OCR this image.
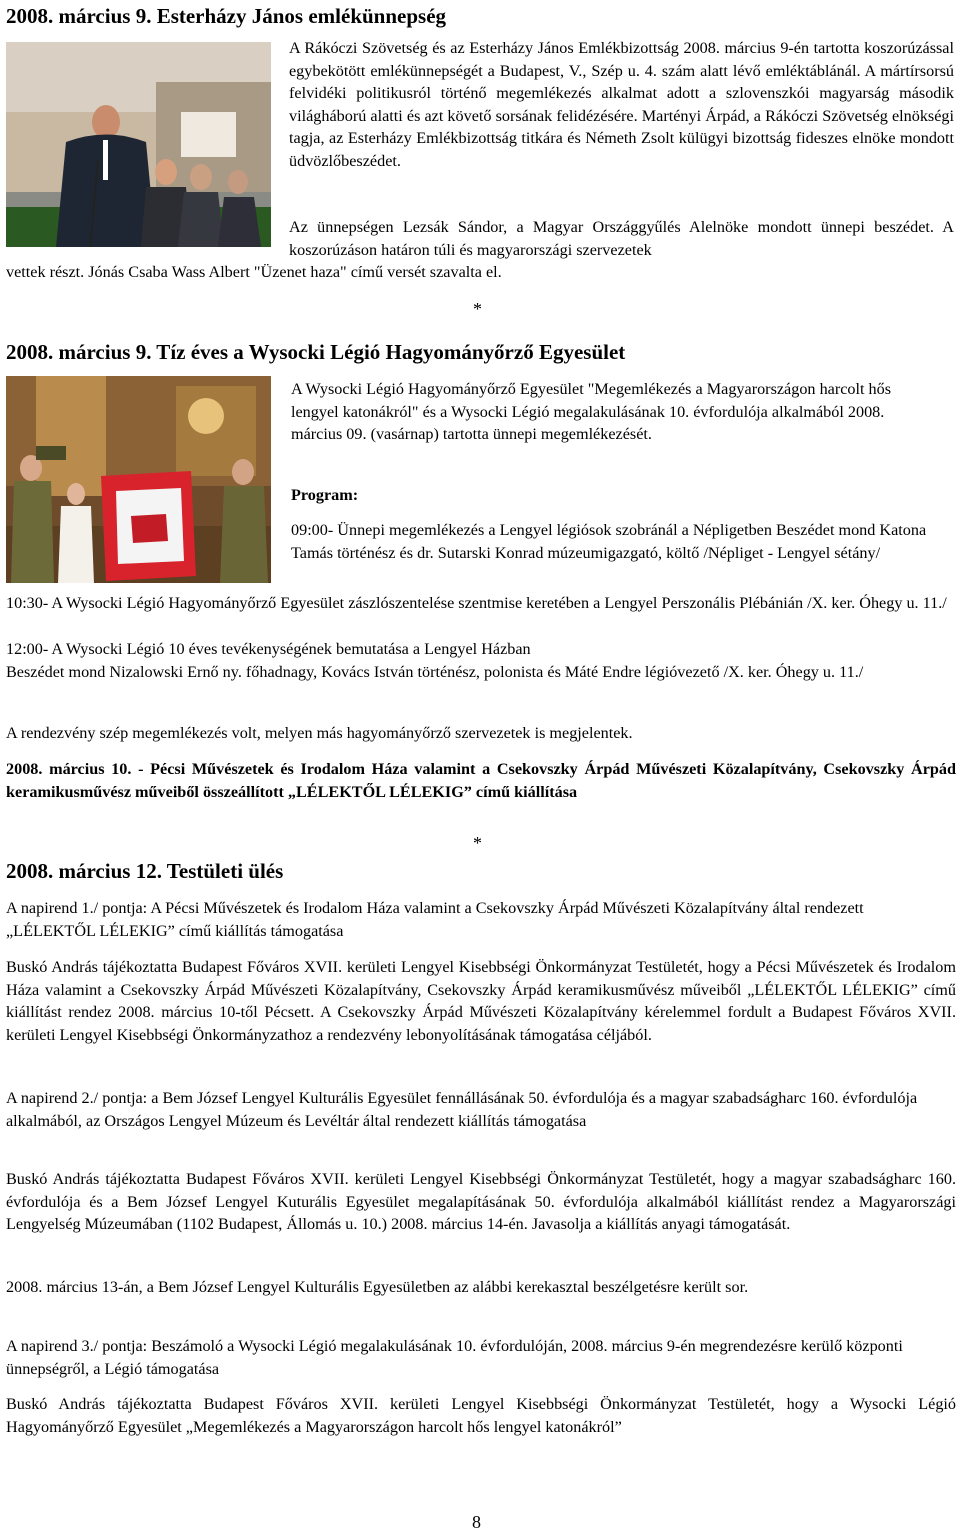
2008. március 9. Esterházy János emlékünnepség

A Rákóczi Szövetség és az Esterházy János Emlékbizottság 2008. március 9-én tartotta koszorúzással egybekötött emlékünnepségét a Budapest, V., Szép u. 4. szám alatt lévő emléktáblánál. A mártírsorsú felvidéki politikusról történő megemlékezés alkalmat adott a szlovenszkói magyarság második világháború alatti és azt követő sorsának felidézésére. Martényi Árpád, a Rákóczi Szövetség elnökségi tagja, az Esterházy Emlékbizottság titkára és Németh Zsolt külügyi bizottság fideszes elnöke mondott üdvözlőbeszédet.

Az ünnepségen Lezsák Sándor, a Magyar Országgyűlés Alelnöke mondott ünnepi beszédet. A koszorúzáson határon túli és magyarországi szervezetek

vettek részt. Jónás Csaba Wass Albert "Üzenet haza" című versét szavalta el.

*
2008. március 9. Tíz éves a Wysocki Légió Hagyományőrző Egyesület

A Wysocki Légió Hagyományőrző Egyesület "Megemlékezés a Magyarországon harcolt hős lengyel katonákról" és a Wysocki Légió megalakulásának 10. évfordulója alkalmából 2008. március 09. (vasárnap) tartotta ünnepi megemlékezését.

Program:

09:00- Ünnepi megemlékezés a Lengyel légiósok szobránál a Népligetben Beszédet mond Katona Tamás történész és dr. Sutarski Konrad múzeumigazgató, költő /Népliget - Lengyel sétány/

10:30- A Wysocki Légió Hagyományőrző Egyesület zászlószentelése szentmise keretében a Lengyel Perszonális Plébánián /X. ker. Óhegy u. 11./

12:00- A Wysocki Légió 10 éves tevékenységének bemutatása a Lengyel Házban

Beszédet mond Nizalowski Ernő ny. főhadnagy, Kovács István történész, polonista és Máté Endre légióvezető /X. ker. Óhegy u. 11./

A rendezvény szép megemlékezés volt, melyen más hagyományőrző szervezetek is megjelentek.

2008. március 10. - Pécsi Művészetek és Irodalom Háza valamint a Csekovszky Árpád Művészeti Közalapítvány, Csekovszky Árpád keramikusművész műveiből összeállított „LÉLEKTŐL LÉLEKIG” című kiállítása

*
2008. március 12. Testületi ülés

A napirend 1./ pontja: A Pécsi Művészetek és Irodalom Háza valamint a Csekovszky Árpád Művészeti Közalapítvány által rendezett „LÉLEKTŐL LÉLEKIG” című kiállítás támogatása

Buskó András tájékoztatta Budapest Főváros XVII. kerületi Lengyel Kisebbségi Önkormányzat Testületét, hogy a Pécsi Művészetek és Irodalom Háza valamint a Csekovszky Árpád Művészeti Közalapítvány, Csekovszky Árpád keramikusművész műveiből „LÉLEKTŐL LÉLEKIG” című kiállítást rendez 2008. március 10-től Pécsett. A Csekovszky Árpád Művészeti Közalapítvány kérelemmel fordult a Budapest Főváros XVII. kerületi Lengyel Kisebbségi Önkormányzathoz a rendezvény lebonyolításának támogatása céljából.

A napirend 2./ pontja: a Bem József Lengyel Kulturális Egyesület fennállásának 50. évfordulója és a magyar szabadságharc 160. évfordulója alkalmából, az Országos Lengyel Múzeum és Levéltár által rendezett kiállítás támogatása

Buskó András tájékoztatta Budapest Főváros XVII. kerületi Lengyel Kisebbségi Önkormányzat Testületét, hogy a magyar szabadságharc 160. évfordulója és a Bem József Lengyel Kuturális Egyesület megalapításának 50. évfordulója alkalmából kiállítást rendez a Magyarországi Lengyelség Múzeumában (1102 Budapest, Állomás u. 10.) 2008. március 14-én. Javasolja a kiállítás anyagi támogatását.

2008. március 13-án, a Bem József Lengyel Kulturális Egyesületben az alábbi kerekasztal beszélgetésre került sor.

A napirend 3./ pontja: Beszámoló a Wysocki Légió megalakulásának 10. évfordulóján, 2008. március 9-én megrendezésre kerülő központi ünnepségről, a Légió támogatása

Buskó András tájékoztatta Budapest Főváros XVII. kerületi Lengyel Kisebbségi Önkormányzat Testületét, hogy a Wysocki Légió Hagyományőrző Egyesület „Megemlékezés a Magyarországon harcolt hős lengyel katonákról”

8
